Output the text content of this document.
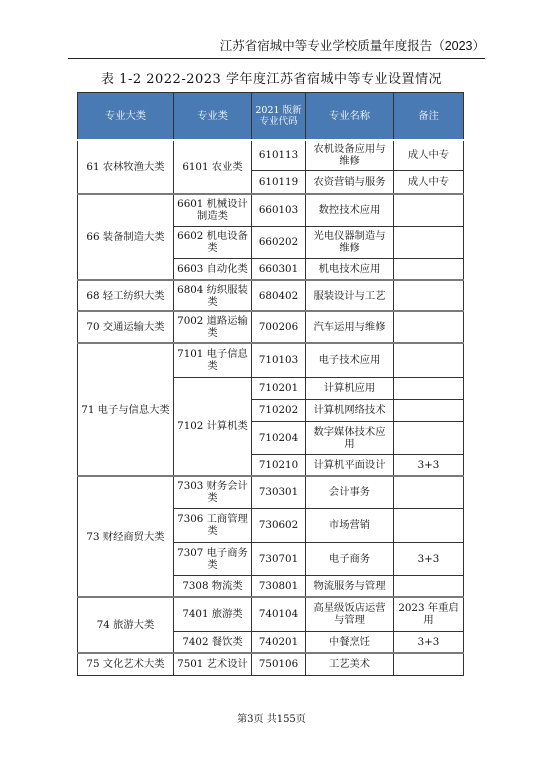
江苏省宿城中等专业学校质量年度报告（2023）
表 1-2 2022-2023 学年度江苏省宿城中等专业设置情况
专业大类	专业类	2021 版新专业代码	专业名称	备注
61 农林牧渔大类	6101 农业类	610113	农机设备应用与维修	成人中专
		610119	农资营销与服务	成人中专
66 装备制造大类	6601 机械设计制造类	660103	数控技术应用	
	6602 机电设备类	660202	光电仪器制造与维修	
	6603 自动化类	660301	机电技术应用	
68 轻工纺织大类	6804 纺织服装类	680402	服装设计与工艺	
70 交通运输大类	7002 道路运输类	700206	汽车运用与维修	
71 电子与信息大类	7101 电子信息类	710103	电子技术应用	
	7102 计算机类	710201	计算机应用	
		710202	计算机网络技术	
		710204	数字媒体技术应用	
		710210	计算机平面设计	3+3
73 财经商贸大类	7303 财务会计类	730301	会计事务	
	7306 工商管理类	730602	市场营销	
	7307 电子商务类	730701	电子商务	3+3
	7308 物流类	730801	物流服务与管理	
74 旅游大类	7401 旅游类	740104	高星级饭店运营与管理	2023 年重启用
	7402 餐饮类	740201	中餐烹饪	3+3
75 文化艺术大类	7501 艺术设计	750106	工艺美术	
第3页 共155页
